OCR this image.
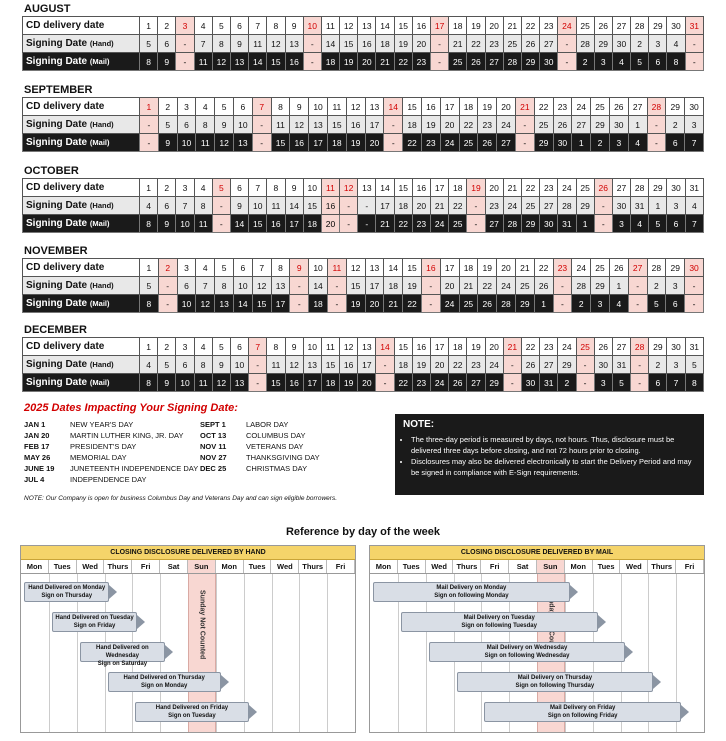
AUGUST
CD delivery date	1	2	3	4	5	6	7	8	9	10	11	12	13	14	15	16	17	18	19	20	21	22	23	24	25	26	27	28	29	30	31
Signing Date (Hand)	5	6	-	7	8	9	11	12	13	-	14	15	16	18	19	20	-	21	22	23	25	26	27	-	28	29	30	2	3	4	-
Signing Date (Mail)	8	9	-	11	12	13	14	15	16	-	18	19	20	21	22	23	-	25	26	27	28	29	30	-	2	3	4	5	6	8	-
SEPTEMBER
CD delivery date	1	2	3	4	5	6	7	8	9	10	11	12	13	14	15	16	17	18	19	20	21	22	23	24	25	26	27	28	29	30
Signing Date (Hand)	-	5	6	8	9	10	-	11	12	13	15	16	17	-	18	19	20	22	23	24	-	25	26	27	29	30	1	-	2	3
Signing Date (Mail)	-	9	10	11	12	13	-	15	16	17	18	19	20	-	22	23	24	25	26	27	-	29	30	1	2	3	4	-	6	7
OCTOBER
CD delivery date	1	2	3	4	5	6	7	8	9	10	11	12	13	14	15	16	17	18	19	20	21	22	23	24	25	26	27	28	29	30	31
Signing Date (Hand)	4	6	7	8	-	9	10	11	14	15	16	-	-	17	18	20	21	22	-	23	24	25	27	28	29	-	30	31	1	3	4
Signing Date (Mail)	8	9	10	11	-	14	15	16	17	18	20	-	-	21	22	23	24	25	-	27	28	29	30	31	1	-	3	4	5	6	7
NOVEMBER
CD delivery date	1	2	3	4	5	6	7	8	9	10	11	12	13	14	15	16	17	18	19	20	21	22	23	24	25	26	27	28	29	30
Signing Date (Hand)	5	-	6	7	8	10	12	13	-	14	-	15	17	18	19	-	20	21	22	24	25	26	-	28	29	1	-	2	3	-
Signing Date (Mail)	8	-	10	12	13	14	15	17	-	18	-	19	20	21	22	-	24	25	26	28	29	1	-	2	3	4	-	5	6	-
DECEMBER
CD delivery date	1	2	3	4	5	6	7	8	9	10	11	12	13	14	15	16	17	18	19	20	21	22	23	24	25	26	27	28	29	30	31
Signing Date (Hand)	4	5	6	8	9	10	-	11	12	13	15	16	17	-	18	19	20	22	23	24	-	26	27	29	-	30	31	-	2	3	5
Signing Date (Mail)	8	9	10	11	12	13	-	15	16	17	18	19	20	-	22	23	24	26	27	29	-	30	31	2	-	3	5	-	6	7	8
2025 Dates Impacting Your Signing Date:
JAN 1	NEW YEAR'S DAY
JAN 20	MARTIN LUTHER KING, JR. DAY
FEB 17	PRESIDENT'S DAY
MAY 26	MEMORIAL DAY
JUNE 19 JUNETEENTH INDEPENDENCE DAY
JUL 4	INDEPENDENCE DAY
SEPT 1	LABOR DAY
OCT 13	COLUMBUS DAY
NOV 11	VETERANS DAY
NOV 27	THANKSGIVING DAY
DEC 25	CHRISTMAS DAY
NOTE: Our Company is open for business Columbus Day and Veterans Day and can sign eligible borrowers.
NOTE:
• The three-day period is measured by days, not hours. Thus, disclosure must be delivered three days before closing, and not 72 hours prior to closing.
• Disclosures may also be delivered electronically to start the Delivery Period and may be signed in compliance with E-Sign requirements.
Reference by day of the week
CLOSING DISCLOSURE DELIVERED BY HAND
Mon	Tues	Wed	Thurs	Fri	Sat	Sun	Mon	Tues	Wed	Thurs	Fri
Sunday Not Counted
Hand Delivered on Monday
Sign on Thursday
Hand Delivered on Tuesday
Sign on Friday
Hand Delivered on Wednesday
Sign on Saturday
Hand Delivered on Thursday
Sign on Monday
Hand Delivered on Friday
Sign on Tuesday
CLOSING DISCLOSURE DELIVERED BY MAIL
Mon	Tues	Wed	Thurs	Fri	Sat	Sun	Mon	Tues	Wed	Thurs	Fri
Sunday
Mail Delivery on Monday
Sign on following Monday
Mail Delivery on Tuesday
Sign on following Tuesday
Mail Delivery on Wednesday
Sign on following Wednesday
Mail Delivery on Thursday
Sign on following Thursday
Mail Delivery on Friday
Sign on following Friday
